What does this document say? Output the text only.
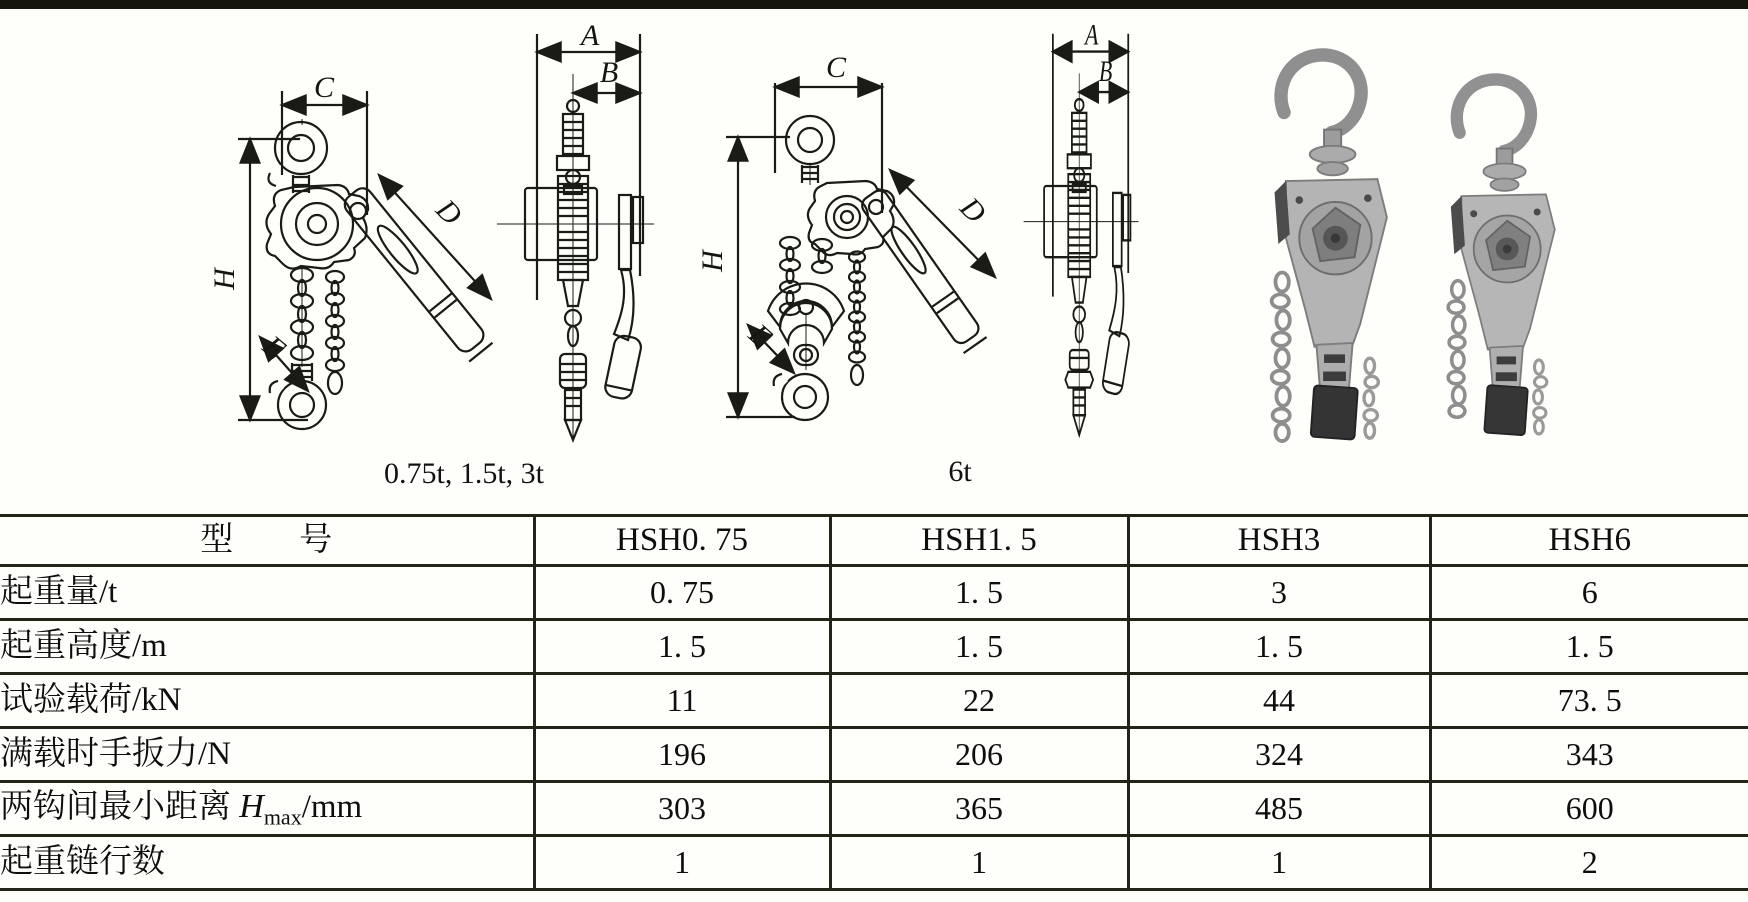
C
H
E
D
A
B	C
H
E
D
A
B
0.75t, 1.5t, 3t	6t
型　　号	HSH0. 75	HSH1. 5	HSH3	HSH6
起重量/t	0. 75	1. 5	3	6
起重高度/m	1. 5	1. 5	1. 5	1. 5
试验载荷/kN	11	22	44	73. 5
满载时手扳力/N	196	206	324	343
两钩间最小距离 $H_{max}/mm$	303	365	485	600
起重链行数	1	1	1	2
